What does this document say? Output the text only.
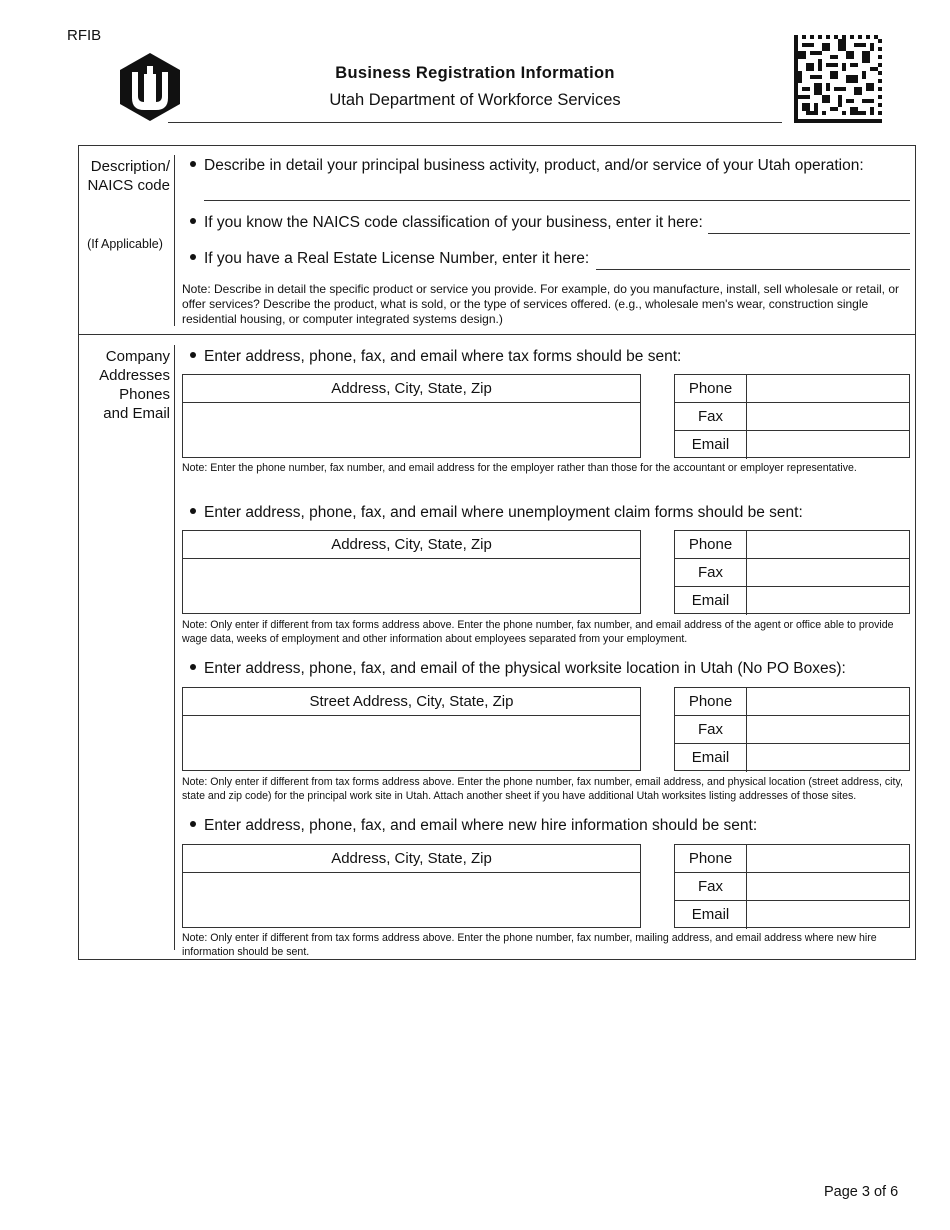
RFIB
Business Registration Information
Utah Department of Workforce Services
Description/
NAICS code
(If Applicable)
Describe in detail your principal business activity, product, and/or service of your Utah operation:
If you know the NAICS code classification of your business, enter it here:
If you have a Real Estate License Number, enter it here:
Note: Describe in detail the specific product or service you provide. For example, do you manufacture, install, sell wholesale or retail, or offer services? Describe the product, what is sold, or the type of services offered. (e.g., wholesale men's wear, construction single residential housing, or computer integrated systems design.)
Company
Addresses
Phones
and Email
Enter address, phone, fax, and email where tax forms should be sent:
Address, City, State, Zip	Phone
Fax
Email
Note: Enter the phone number, fax number, and email address for the employer rather than those for the accountant or employer representative.
Enter address, phone, fax, and email where unemployment claim forms should be sent:
Address, City, State, Zip	Phone
Fax
Email
Note: Only enter if different from tax forms address above. Enter the phone number, fax number, and email address of the agent or office able to provide wage data, weeks of employment and other information about employees separated from your employment.
Enter address, phone, fax, and email of the physical worksite location in Utah (No PO Boxes):
Street Address, City, State, Zip	Phone
Fax
Email
Note: Only enter if different from tax forms address above. Enter the phone number, fax number, email address, and physical location (street address, city, state and zip code) for the principal work site in Utah. Attach another sheet if you have additional Utah worksites listing addresses of those sites.
Enter address, phone, fax, and email where new hire information should be sent:
Address, City, State, Zip	Phone
Fax
Email
Note: Only enter if different from tax forms address above. Enter the phone number, fax number, mailing address, and email address where new hire information should be sent.
Page 3 of 6
